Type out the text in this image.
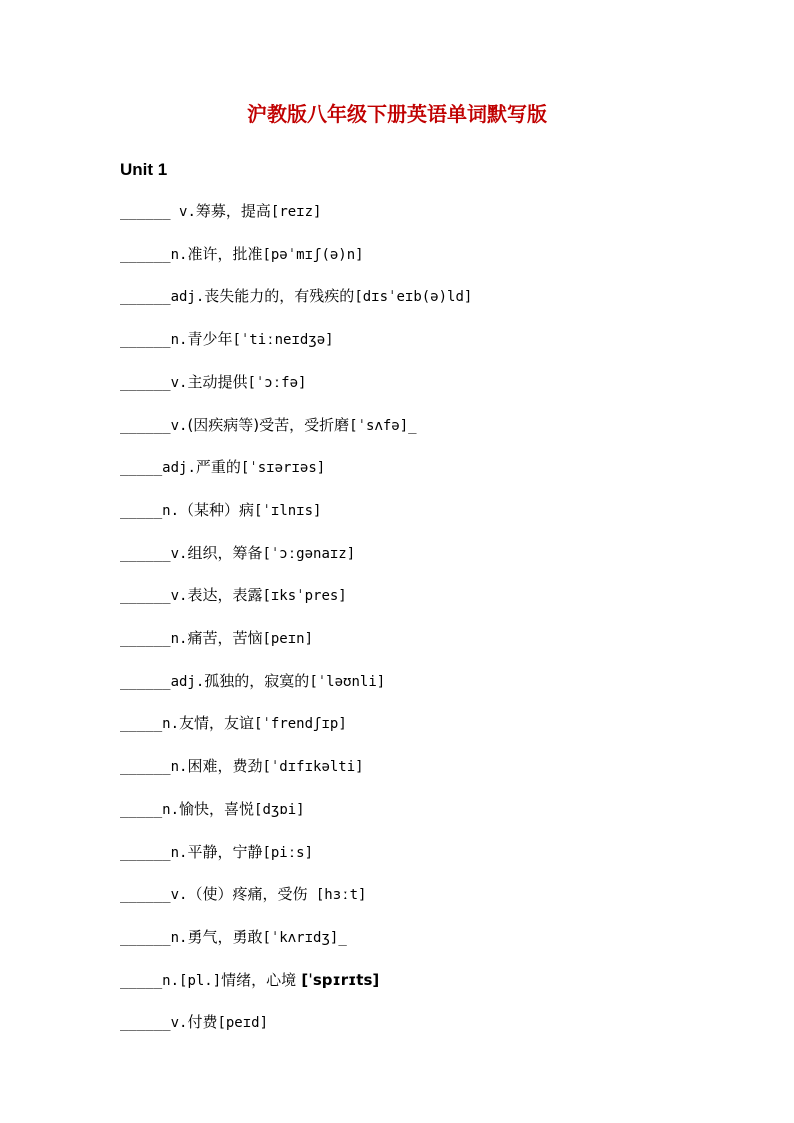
沪教版八年级下册英语单词默写版
Unit 1
______ v.筹募，提高[reɪz]
______n.准许，批准[pəˈmɪʃ(ə)n]
______adj.丧失能力的，有残疾的[dɪsˈeɪb(ə)ld]
______n.青少年[ˈtiːneɪdʒə]
______v.主动提供[ˈɔːfə]
______v.(因疾病等)受苦，受折磨[ˈsʌfə]_
_____adj.严重的[ˈsɪərɪəs]
_____n.（某种）病[ˈɪlnɪs]
______v.组织，筹备[ˈɔːgənaɪz]
______v.表达，表露[ɪksˈpres]
______n.痛苦，苦恼[peɪn]
______adj.孤独的，寂寞的[ˈləʊnli]
_____n.友情，友谊[ˈfrendʃɪp]
______n.困难，费劲[ˈdɪfɪkəlti]
_____n.愉快，喜悦[dʒɒi]
______n.平静，宁静[piːs]
______v.（使）疼痛，受伤 [hɜːt]
______n.勇气，勇敢[ˈkʌrɪdʒ]_
_____n.[pl.]情绪，心境 [ˈspɪrɪts]
______v.付费[peɪd]
